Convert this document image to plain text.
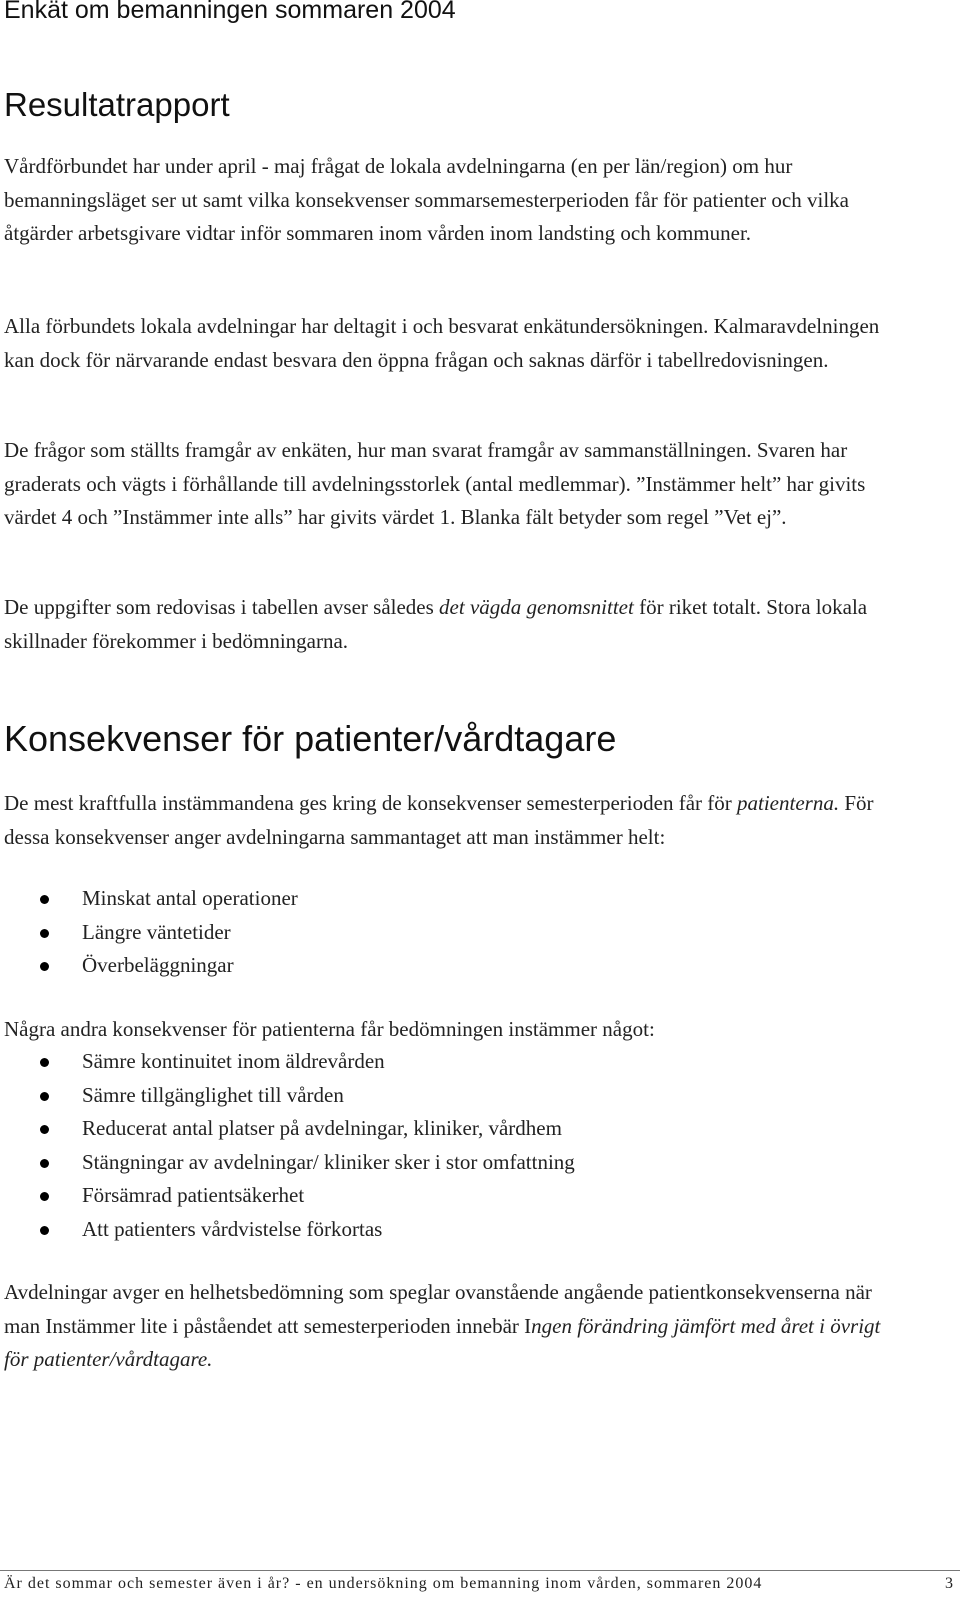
Enkät om bemanningen sommaren 2004
Resultatrapport

Vårdförbundet har under april - maj frågat de lokala avdelningarna (en per län/region) om hur bemanningsläget ser ut samt vilka konsekvenser sommarsemesterperioden får för patienter och vilka åtgärder arbetsgivare vidtar inför sommaren inom vården inom landsting och kommuner.

Alla förbundets lokala avdelningar har deltagit i och besvarat enkätundersökningen. Kalmaravdelningen kan dock för närvarande endast besvara den öppna frågan och saknas därför i tabellredovisningen.

De frågor som ställts framgår av enkäten, hur man svarat framgår av sammanställningen. Svaren har graderats och vägts i förhållande till avdelningsstorlek (antal medlemmar). ”Instämmer helt” har givits värdet 4 och ”Instämmer inte alls” har givits värdet 1. Blanka fält betyder som regel ”Vet ej”.

De uppgifter som redovisas i tabellen avser således det vägda genomsnittet för riket totalt. Stora lokala skillnader förekommer i bedömningarna.

Konsekvenser för patienter/vårdtagare

De mest kraftfulla instämmandena ges kring de konsekvenser semesterperioden får för patienterna. För dessa konsekvenser anger avdelningarna sammantaget att man instämmer helt:

Minskat antal operationer
Längre väntetider
Överbeläggningar

Några andra konsekvenser för patienterna får bedömningen instämmer något:

Sämre kontinuitet inom äldrevården
Sämre tillgänglighet till vården
Reducerat antal platser på avdelningar, kliniker, vårdhem
Stängningar av avdelningar/ kliniker sker i stor omfattning
Försämrad patientsäkerhet
Att patienters vårdvistelse förkortas

Avdelningar avger en helhetsbedömning som speglar ovanstående angående patientkonsekvenserna när man Instämmer lite i påståendet att semesterperioden innebär Ingen förändring jämfört med året i övrigt för patienter/vårdtagare.

Är det sommar och semester även i år? - en undersökning om bemanning inom vården, sommaren 2004	3
